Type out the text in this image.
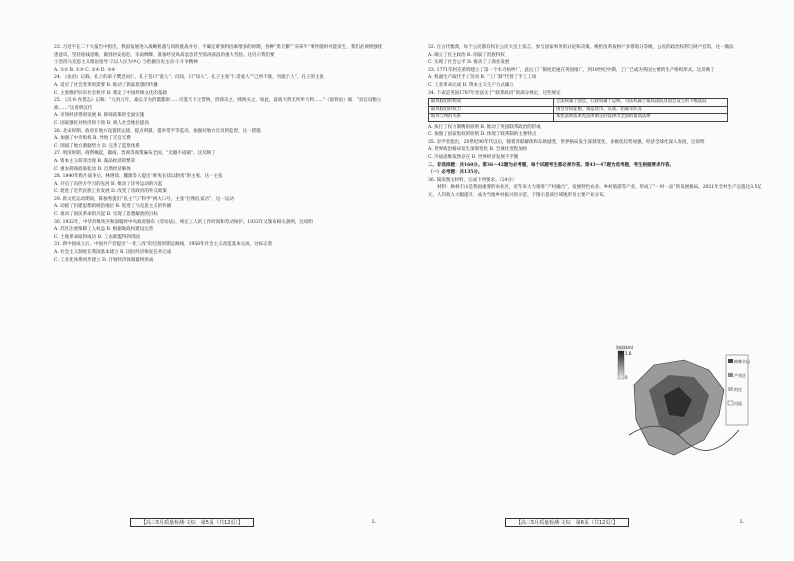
23. 习近平在二十大报告中指出，我国发展进入战略机遇与风险挑战并存、不确定难预料因素增多的时期，各种“黑天鹅”“灰犀牛”事件随时可能发生，我们必须增强忧患意识，坚持底线思维，做到居安思危，未雨绸缪，准备经受风高浪急甚至惊涛骇浪的重大考验。这启示我们要

①坚持马克思主义理论指导 ②以人民为中心 ③把握历史主动 ④斗争精神

A. ①② B. ①③ C. ②④ D. ③④

24. 《论语》记载，孔子的弟子樊迟问仁，孔子答曰“爱人”；问知，曰“知人”。孔子主张“仁者爱人”“己所不欲，勿施于人”。孔子的主张

A. 适应了社会变革的需要 B. 推动了儒家思想的传播

C. 主张维护旧有社会秩序 D. 奠定了中国传统文化的基础

25. 《汉书·食货志》记载：“元封元年，桑弘羊为治粟都尉……尽笼天下之货物，贵即卖之，贱则买之。如此，富商大贾无所牟大利……”《盐铁论》载：“县官设衡立准……”这说明汉代

A. 市场经济得到发展 B. 抑商政策的全面实施

C. 国家强化对经济的干预 D. 商人社会地位提高

26. 北宋时期，政府在地方设置转运使、提点刑狱、提举常平等监司，加强对地方官员的监督，这一措施

A. 加强了中央集权 B. 导致了冗官冗费

C. 削弱了地方割据势力 D. 完善了监察体系

27. 明清时期，商帮崛起，徽商、晋商等商帮遍布全国，“无徽不成镇”，这反映了

A. 资本主义萌芽出现 B. 商品经济的繁荣

C. 重农抑商政策松动 D. 自然经济解体

28. 1840年鸦片战争后，林则徐、魏源等人提出“师夷长技以制夷”的主张，这一主张

A. 开启了向西方学习的先河 B. 推动了洋务运动的兴起

C. 促进了近代民族工业发展 D. 改变了清政府的外交政策

29. 新文化运动期间，陈独秀提出“民主”与“科学”两大口号，主张“打倒孔家店”，这一运动

A. 动摇了封建思想的统治地位 B. 促进了马克思主义的传播

C. 推动了国民革命的兴起 D. 实现了思想解放的目标

30. 1932年，中华苏维埃共和国临时中央政府颁布《劳动法》，规定工人的工作时间和劳动保护。1933年又颁布相关条例，这说明

A. 苏区注重保障工人权益 B. 根据地政权建设完善

C. 土地革命取得成功 D. 工农联盟得到巩固

31. 新中国成立后，中国共产党提出“一化三改”的过渡时期总路线，1956年社会主义改造基本完成，这标志着

A. 社会主义制度在我国基本建立 B. 国民经济恢复任务完成

C. 工业化体系初步建立 D. 计划经济体制最终形成

32. 在古代雅典，每个公民都有权在公民大会上发言，参与国家事务的讨论和决策。梭伦改革按财产多寡划分等级，公民的政治权利与财产挂钩，这一做法

A. 确立了民主政治 B. 削弱了贵族特权

C. 实现了社会公平 D. 推动了工商业发展

33. 1771年阿克莱特建立了第一个水力纺纱厂，此后工厂制度迅速在英国推广，到19世纪中期，工厂已成为英国主要的生产组织形式。这反映了

A. 机器生产取代手工劳动 B. “工厂制”代替了手工工场

C. 工业革命完成 D. 资本主义生产方式确立

34. 下表是英国1787年宪法关于“联邦政府”的部分规定，这些规定

联邦政府的组成	立法权属于国会，行政权属于总统，司法权属于最高法院及国会设立的下级法院
联邦政府的权力	国会有权征税、铸造货币、宣战、招募军队等
联邦与州的关系	本宪法和依本宪法所制定的法律为全国的最高法律

A. 执行了权力制衡的原则 B. 推动了英国联邦政治的形成

C. 加强了国家集权的原则 D. 体现了联邦制的主要特点

35. 有学者指出，20世纪90年代以后，随着苏联解体和东欧剧变，世界格局发生深刻变化，多极化趋势加强，经济全球化深入发展，这说明

A. 世界政治格局发生深刻变化 B. 全球化进程加快

C. 冷战思维依然存在 D. 世界经济发展不平衡

二、非选择题：共160分。第36～42题为必考题，每个试题考生都必须作答。第43～47题为选考题，考生根据要求作答。

（一）必考题：共135分。

36. 阅读图文材料，完成下列要求。（24分）

　　材料：格林丰山是我国重要的农业区，近年来大力推进“产村融合”，发展特色农业、乡村旅游等产业，形成了“一村一品”的发展格局。2021年全村生产总值达3.5亿元，人均收入大幅提升，成为当地乡村振兴的示范。下图示意该区域地形及主要产业分布。

海拔(km)
1.6
0
格林丰山
产业区
村庄
河流
【高三5月质量检测·文综　第5页（共12页）】	L	【高三5月质量检测·文综　第6页（共12页）】	L
